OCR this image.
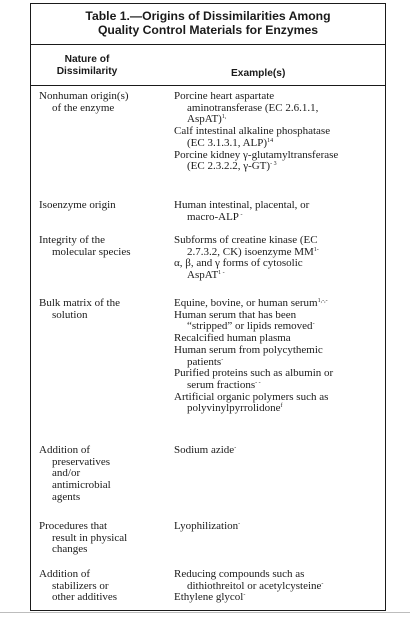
Table 1.—Origins of Dissimilarities Among
Quality Control Materials for Enzymes
Nature of
Dissimilarity	Example(s)
Nonhuman origin(s)
of the enzyme
Porcine heart aspartate
aminotransferase (EC 2.6.1.1,
AspAT)$^{1,}$
Calf intestinal alkaline phosphatase
(EC 3.1.3.1, ALP)$^{14}$
Porcine kidney γ-glutamyltransferase
(EC 2.3.2.2, γ-GT)$^{- 3}$
Isoenzyme origin	Human intestinal, placental, or
macro-ALP -
Integrity of the
molecular species
Subforms of creatine kinase (EC
2.7.3.2, CK) isoenzyme $MM^{1-}$
α, β, and γ forms of cytosolic
AspAT$^{1 -}$
Bulk matrix of the
solution
Equine, bovine, or human serum$^{1,-,-}$
Human serum that has been
“stripped” or lipids removed-
Recalcified human plasma
Human serum from polycythemic
patients-
Purified proteins such as albumin or
serum fractions- -
Artificial organic polymers such as
polyvinylpyrrolidone$^f$
Addition of
preservatives
and/or
antimicrobial
agents
Sodium azide-
Procedures that
result in physical
changes
Lyophilization-
Addition of
stabilizers or
other additives
Reducing compounds such as
dithiothreitol or acetylcysteine-
Ethylene glycol-
